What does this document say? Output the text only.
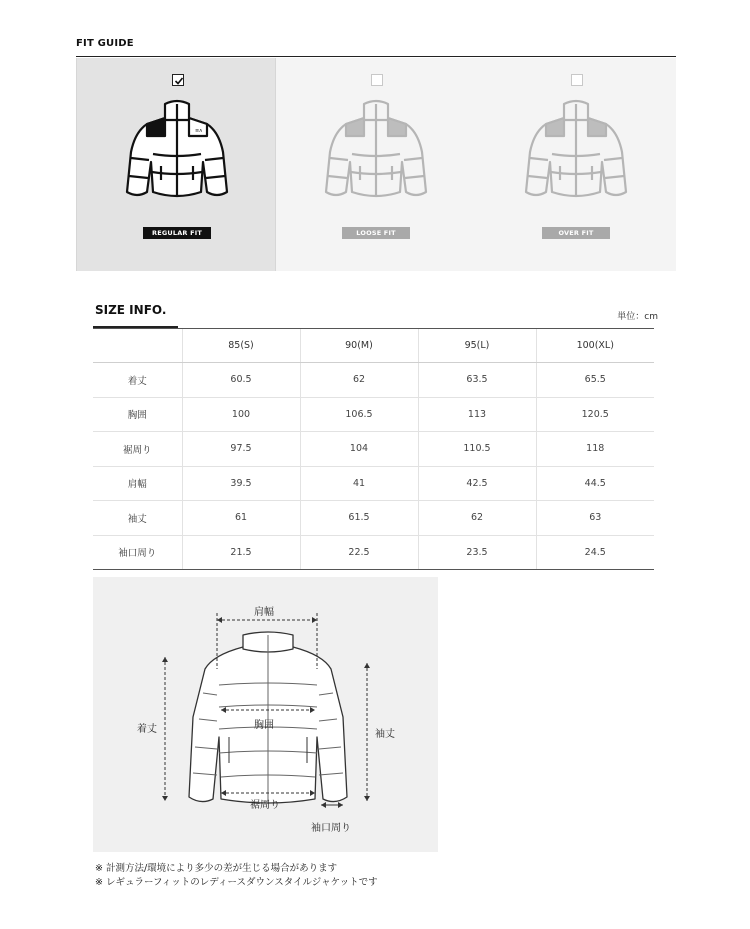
FIT GUIDE
≡ʌ
REGULAR FIT	LOOSE FIT	OVER FIT
SIZE INFO.	単位：cm
	85(S)	90(M)	95(L)	100(XL)
着丈	60.5	62	63.5	65.5
胸囲	100	106.5	113	120.5
裾周り	97.5	104	110.5	118
肩幅	39.5	41	42.5	44.5
袖丈	61	61.5	62	63
袖口周り	21.5	22.5	23.5	24.5
肩幅
着丈	胸囲
袖丈
裾周り
袖口周り
※ 計測方法/環境により多少の差が生じる場合があります
※ レギュラーフィットのレディースダウンスタイルジャケットです
